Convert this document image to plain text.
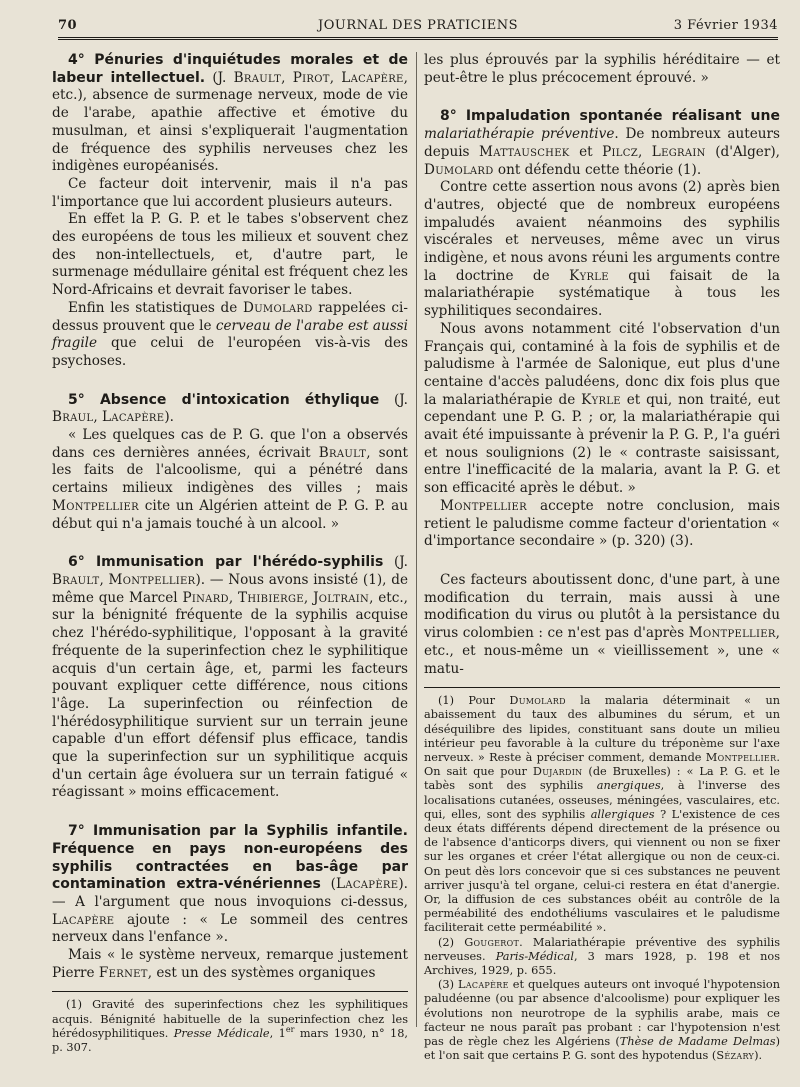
70	JOURNAL DES PRATICIENS	3 Février 1934

4° Pénuries d'inquiétudes morales et de labeur intellectuel. (J. Brault, Pirot, Lacapère, etc.), absence de surmenage nerveux, mode de vie de l'arabe, apathie affective et émotive du musulman, et ainsi s'expliquerait l'augmentation de fréquence des syphilis nerveuses chez les indigènes européanisés.

Ce facteur doit intervenir, mais il n'a pas l'importance que lui accordent plusieurs auteurs.

En effet la P. G. P. et le tabes s'observent chez des européens de tous les milieux et souvent chez des non-intellectuels, et, d'autre part, le surmenage médullaire génital est fréquent chez les Nord-Africains et devrait favoriser le tabes.

Enfin les statistiques de Dumolard rappelées ci-dessus prouvent que le cerveau de l'arabe est aussi fragile que celui de l'européen vis-à-vis des psychoses.

5° Absence d'intoxication éthylique (J. Braul, Lacapère).

« Les quelques cas de P. G. que l'on a observés dans ces dernières années, écrivait Brault, sont les faits de l'alcoolisme, qui a pénétré dans certains milieux indigènes des villes ; mais Montpellier cite un Algérien atteint de P. G. P. au début qui n'a jamais touché à un alcool. »

6° Immunisation par l'hérédo-syphilis (J. Brault, Montpellier). — Nous avons insisté (1), de même que Marcel Pinard, Thibierge, Joltrain, etc., sur la bénignité fréquente de la syphilis acquise chez l'hérédo-syphilitique, l'opposant à la gravité fréquente de la superinfection chez le syphilitique acquis d'un certain âge, et, parmi les facteurs pouvant expliquer cette différence, nous citions l'âge. La superinfection ou réinfection de l'hérédosyphilitique survient sur un terrain jeune capable d'un effort défensif plus efficace, tandis que la superinfection sur un syphilitique acquis d'un certain âge évoluera sur un terrain fatigué « réagissant » moins efficacement.

7° Immunisation par la Syphilis infantile. Fréquence en pays non-européens des syphilis contractées en bas-âge par contamination extra-vénériennes (Lacapère). — A l'argument que nous invoquions ci-dessus, Lacapère ajoute : « Le sommeil des centres nerveux dans l'enfance ».

Mais « le système nerveux, remarque justement Pierre Fernet, est un des systèmes organiques

(1) Gravité des superinfections chez les syphilitiques acquis. Bénignité habituelle de la superinfection chez les hérédosyphilitiques. Presse Médicale, 1er mars 1930, n° 18, p. 307.

les plus éprouvés par la syphilis héréditaire — et peut-être le plus précocement éprouvé. »

8° Impaludation spontanée réalisant une malariathérapie préventive. De nombreux auteurs depuis Mattauschek et Pilcz, Legrain (d'Alger), Dumolard ont défendu cette théorie (1).

Contre cette assertion nous avons (2) après bien d'autres, objecté que de nombreux européens impaludés avaient néanmoins des syphilis viscérales et nerveuses, même avec un virus indigène, et nous avons réuni les arguments contre la doctrine de Kyrle qui faisait de la malariathérapie systématique à tous les syphilitiques secondaires.

Nous avons notamment cité l'observation d'un Français qui, contaminé à la fois de syphilis et de paludisme à l'armée de Salonique, eut plus d'une centaine d'accès paludéens, donc dix fois plus que la malariathérapie de Kyrle et qui, non traité, eut cependant une P. G. P. ; or, la malariathérapie qui avait été impuissante à prévenir la P. G. P., l'a guéri et nous soulignions (2) le « contraste saisissant, entre l'inefficacité de la malaria, avant la P. G. et son efficacité après le début. »

Montpellier accepte notre conclusion, mais retient le paludisme comme facteur d'orientation « d'importance secondaire » (p. 320) (3).

Ces facteurs aboutissent donc, d'une part, à une modification du terrain, mais aussi à une modification du virus ou plutôt à la persistance du virus colombien : ce n'est pas d'après Montpellier, etc., et nous-même un « vieillissement », une « matu-

(1) Pour Dumolard la malaria déterminait « un abaissement du taux des albumines du sérum, et un déséquilibre des lipides, constituant sans doute un milieu intérieur peu favorable à la culture du tréponème sur l'axe nerveux. » Reste à préciser comment, demande Montpellier. On sait que pour Dujardin (de Bruxelles) : « La P. G. et le tabès sont des syphilis anergiques, à l'inverse des localisations cutanées, osseuses, méningées, vasculaires, etc. qui, elles, sont des syphilis allergiques ? L'existence de ces deux états différents dépend directement de la présence ou de l'absence d'anticorps divers, qui viennent ou non se fixer sur les organes et créer l'état allergique ou non de ceux-ci. On peut dès lors concevoir que si ces substances ne peuvent arriver jusqu'à tel organe, celui-ci restera en état d'anergie. Or, la diffusion de ces substances obéit au contrôle de la perméabilité des endothéliums vasculaires et le paludisme faciliterait cette perméabilité ».

(2) Gougerot. Malariathérapie préventive des syphilis nerveuses. Paris-Médical, 3 mars 1928, p. 198 et nos Archives, 1929, p. 655.

(3) Lacapère et quelques auteurs ont invoqué l'hypotension paludéenne (ou par absence d'alcoolisme) pour expliquer les évolutions non neurotrope de la syphilis arabe, mais ce facteur ne nous paraît pas probant : car l'hypotension n'est pas de règle chez les Algériens (Thèse de Madame Delmas) et l'on sait que certains P. G. sont des hypotendus (Sézary).
